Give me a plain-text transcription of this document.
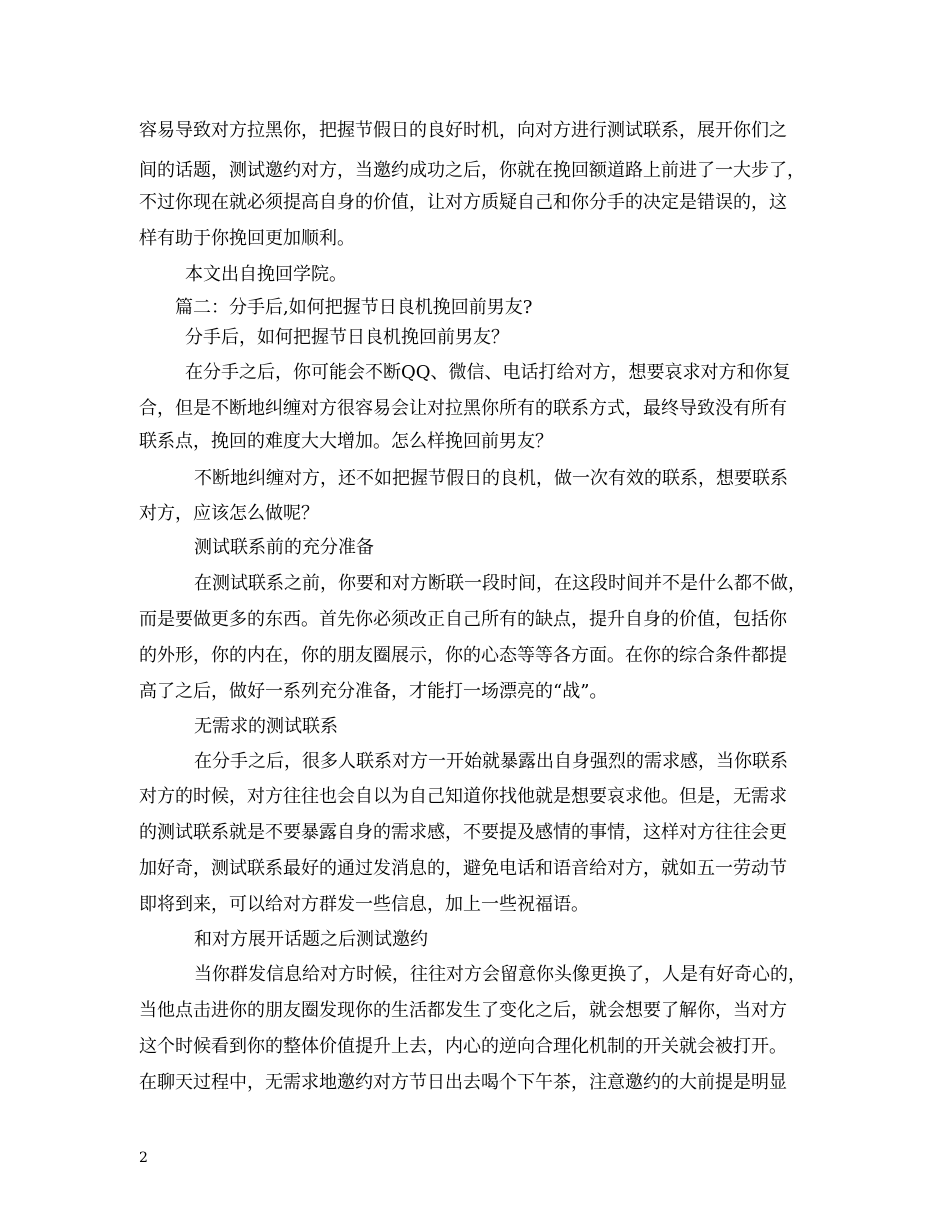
容易导致对方拉黑你，把握节假日的良好时机，向对方进行测试联系，展开你们之
间的话题，测试邀约对方，当邀约成功之后，你就在挽回额道路上前进了一大步了，
不过你现在就必须提高自身的价值，让对方质疑自己和你分手的决定是错误的，这
样有助于你挽回更加顺利。
本文出自挽回学院。
篇二：分手后,如何把握节日良机挽回前男友?
分手后，如何把握节日良机挽回前男友？
在分手之后，你可能会不断QQ、微信、电话打给对方，想要哀求对方和你复
合，但是不断地纠缠对方很容易会让对拉黑你所有的联系方式，最终导致没有所有
联系点，挽回的难度大大增加。怎么样挽回前男友？
不断地纠缠对方，还不如把握节假日的良机，做一次有效的联系，想要联系
对方，应该怎么做呢？
测试联系前的充分准备
在测试联系之前，你要和对方断联一段时间，在这段时间并不是什么都不做，
而是要做更多的东西。首先你必须改正自己所有的缺点，提升自身的价值，包括你
的外形，你的内在，你的朋友圈展示，你的心态等等各方面。在你的综合条件都提
高了之后，做好一系列充分准备，才能打一场漂亮的“战”。
无需求的测试联系
在分手之后，很多人联系对方一开始就暴露出自身强烈的需求感，当你联系
对方的时候，对方往往也会自以为自己知道你找他就是想要哀求他。但是，无需求
的测试联系就是不要暴露自身的需求感，不要提及感情的事情，这样对方往往会更
加好奇，测试联系最好的通过发消息的，避免电话和语音给对方，就如五一劳动节
即将到来，可以给对方群发一些信息，加上一些祝福语。
和对方展开话题之后测试邀约
当你群发信息给对方时候，往往对方会留意你头像更换了，人是有好奇心的，
当他点击进你的朋友圈发现你的生活都发生了变化之后，就会想要了解你，当对方
这个时候看到你的整体价值提升上去，内心的逆向合理化机制的开关就会被打开。
在聊天过程中，无需求地邀约对方节日出去喝个下午茶，注意邀约的大前提是明显
2
